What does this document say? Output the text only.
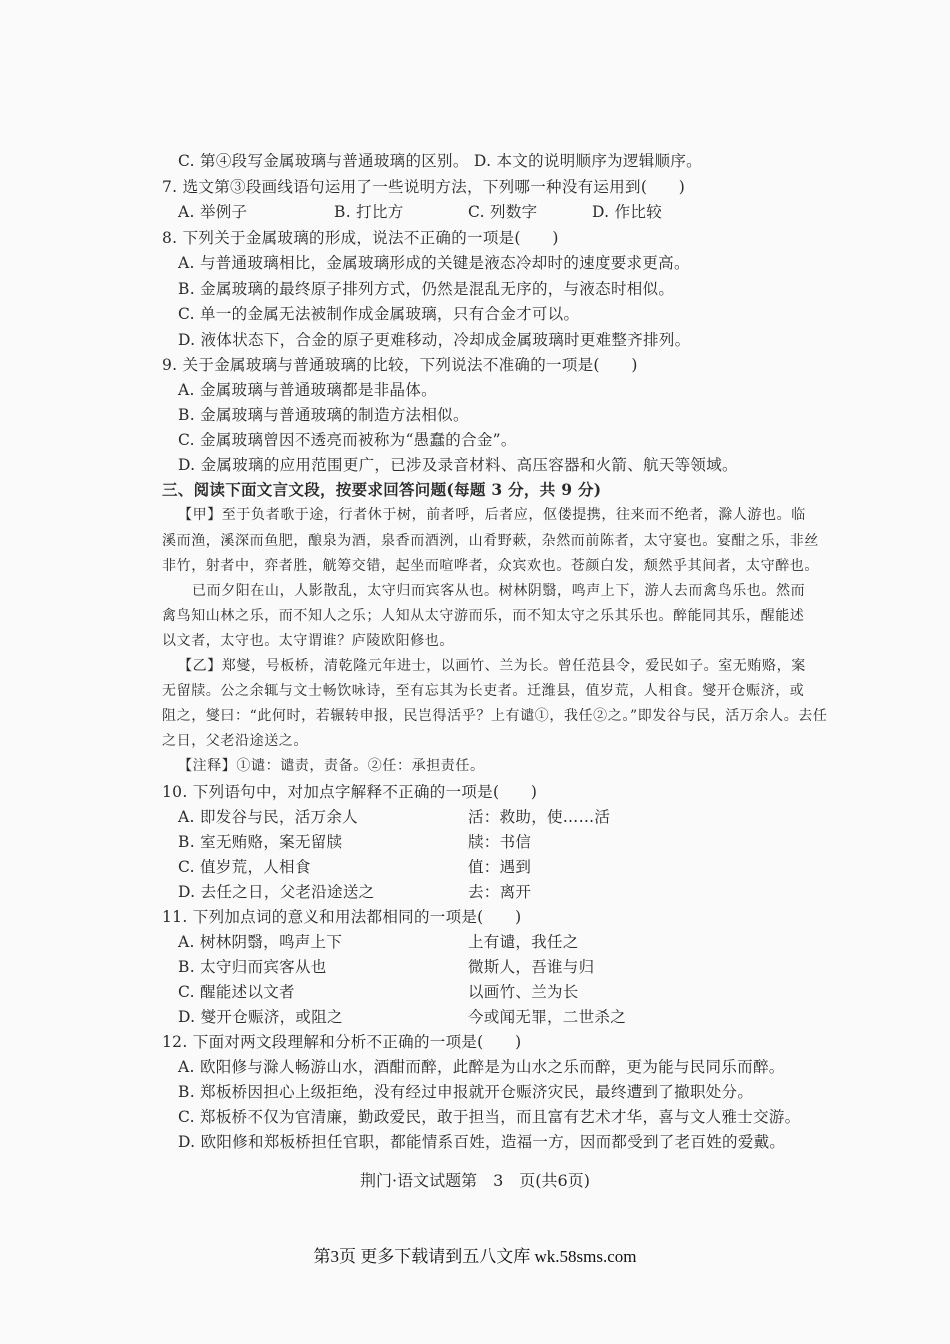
C. 第④段写金属玻璃与普通玻璃的区别。 D. 本文的说明顺序为逻辑顺序。
7. 选文第③段画线语句运用了一些说明方法，下列哪一种没有运用到(　　)
A. 举例子	B. 打比方	C. 列数字	D. 作比较
8. 下列关于金属玻璃的形成，说法不正确的一项是(　　)
A. 与普通玻璃相比，金属玻璃形成的关键是液态冷却时的速度要求更高。
B. 金属玻璃的最终原子排列方式，仍然是混乱无序的，与液态时相似。
C. 单一的金属无法被制作成金属玻璃，只有合金才可以。
D. 液体状态下，合金的原子更难移动，冷却成金属玻璃时更难整齐排列。
9. 关于金属玻璃与普通玻璃的比较，下列说法不准确的一项是(　　)
A. 金属玻璃与普通玻璃都是非晶体。
B. 金属玻璃与普通玻璃的制造方法相似。
C. 金属玻璃曾因不透亮而被称为“愚蠢的合金”。
D. 金属玻璃的应用范围更广，已涉及录音材料、高压容器和火箭、航天等领域。
三、阅读下面文言文段，按要求回答问题(每题 3 分，共 9 分)
【甲】至于负者歌于途，行者休于树，前者呼，后者应，伛偻提携，往来而不绝者，滁人游也。临
溪而渔，溪深而鱼肥，酿泉为酒，泉香而酒洌，山肴野蔌，杂然而前陈者，太守宴也。宴酣之乐，非丝
非竹，射者中，弈者胜，觥筹交错，起坐而喧哗者，众宾欢也。苍颜白发，颓然乎其间者，太守醉也。
已而夕阳在山，人影散乱，太守归而宾客从也。树林阴翳，鸣声上下，游人去而禽鸟乐也。然而
禽鸟知山林之乐，而不知人之乐；人知从太守游而乐，而不知太守之乐其乐也。醉能同其乐，醒能述
以文者，太守也。太守谓谁？庐陵欧阳修也。
【乙】郑燮，号板桥，清乾隆元年进士，以画竹、兰为长。曾任范县令，爱民如子。室无贿赂，案
无留牍。公之余辄与文士畅饮咏诗，至有忘其为长吏者。迁潍县，值岁荒，人相食。燮开仓赈济，或
阻之，燮曰：“此何时，若辗转申报，民岂得活乎？上有谴①，我任②之。”即发谷与民，活万余人。去任
之日，父老沿途送之。
【注释】①谴：谴责，责备。②任：承担责任。
10. 下列语句中，对加点字解释不正确的一项是(　　)
A. 即发谷与民，活万余人	活：救助，使……活
B. 室无贿赂，案无留牍	牍：书信
C. 值岁荒，人相食	值：遇到
D. 去任之日，父老沿途送之	去：离开
11. 下列加点词的意义和用法都相同的一项是(　　)
A. 树林阴翳，鸣声上下	上有谴，我任之
B. 太守归而宾客从也	微斯人，吾谁与归
C. 醒能述以文者	以画竹、兰为长
D. 燮开仓赈济，或阻之	今或闻无罪，二世杀之
12. 下面对两文段理解和分析不正确的一项是(　　)
A. 欧阳修与滁人畅游山水，酒酣而醉，此醉是为山水之乐而醉，更为能与民同乐而醉。
B. 郑板桥因担心上级拒绝，没有经过申报就开仓赈济灾民，最终遭到了撤职处分。
C. 郑板桥不仅为官清廉，勤政爱民，敢于担当，而且富有艺术才华，喜与文人雅士交游。
D. 欧阳修和郑板桥担任官职，都能情系百姓，造福一方，因而都受到了老百姓的爱戴。
荆门·语文试题第　3　页(共6页)
第3页 更多下载请到五八文库 wk.58sms.com
